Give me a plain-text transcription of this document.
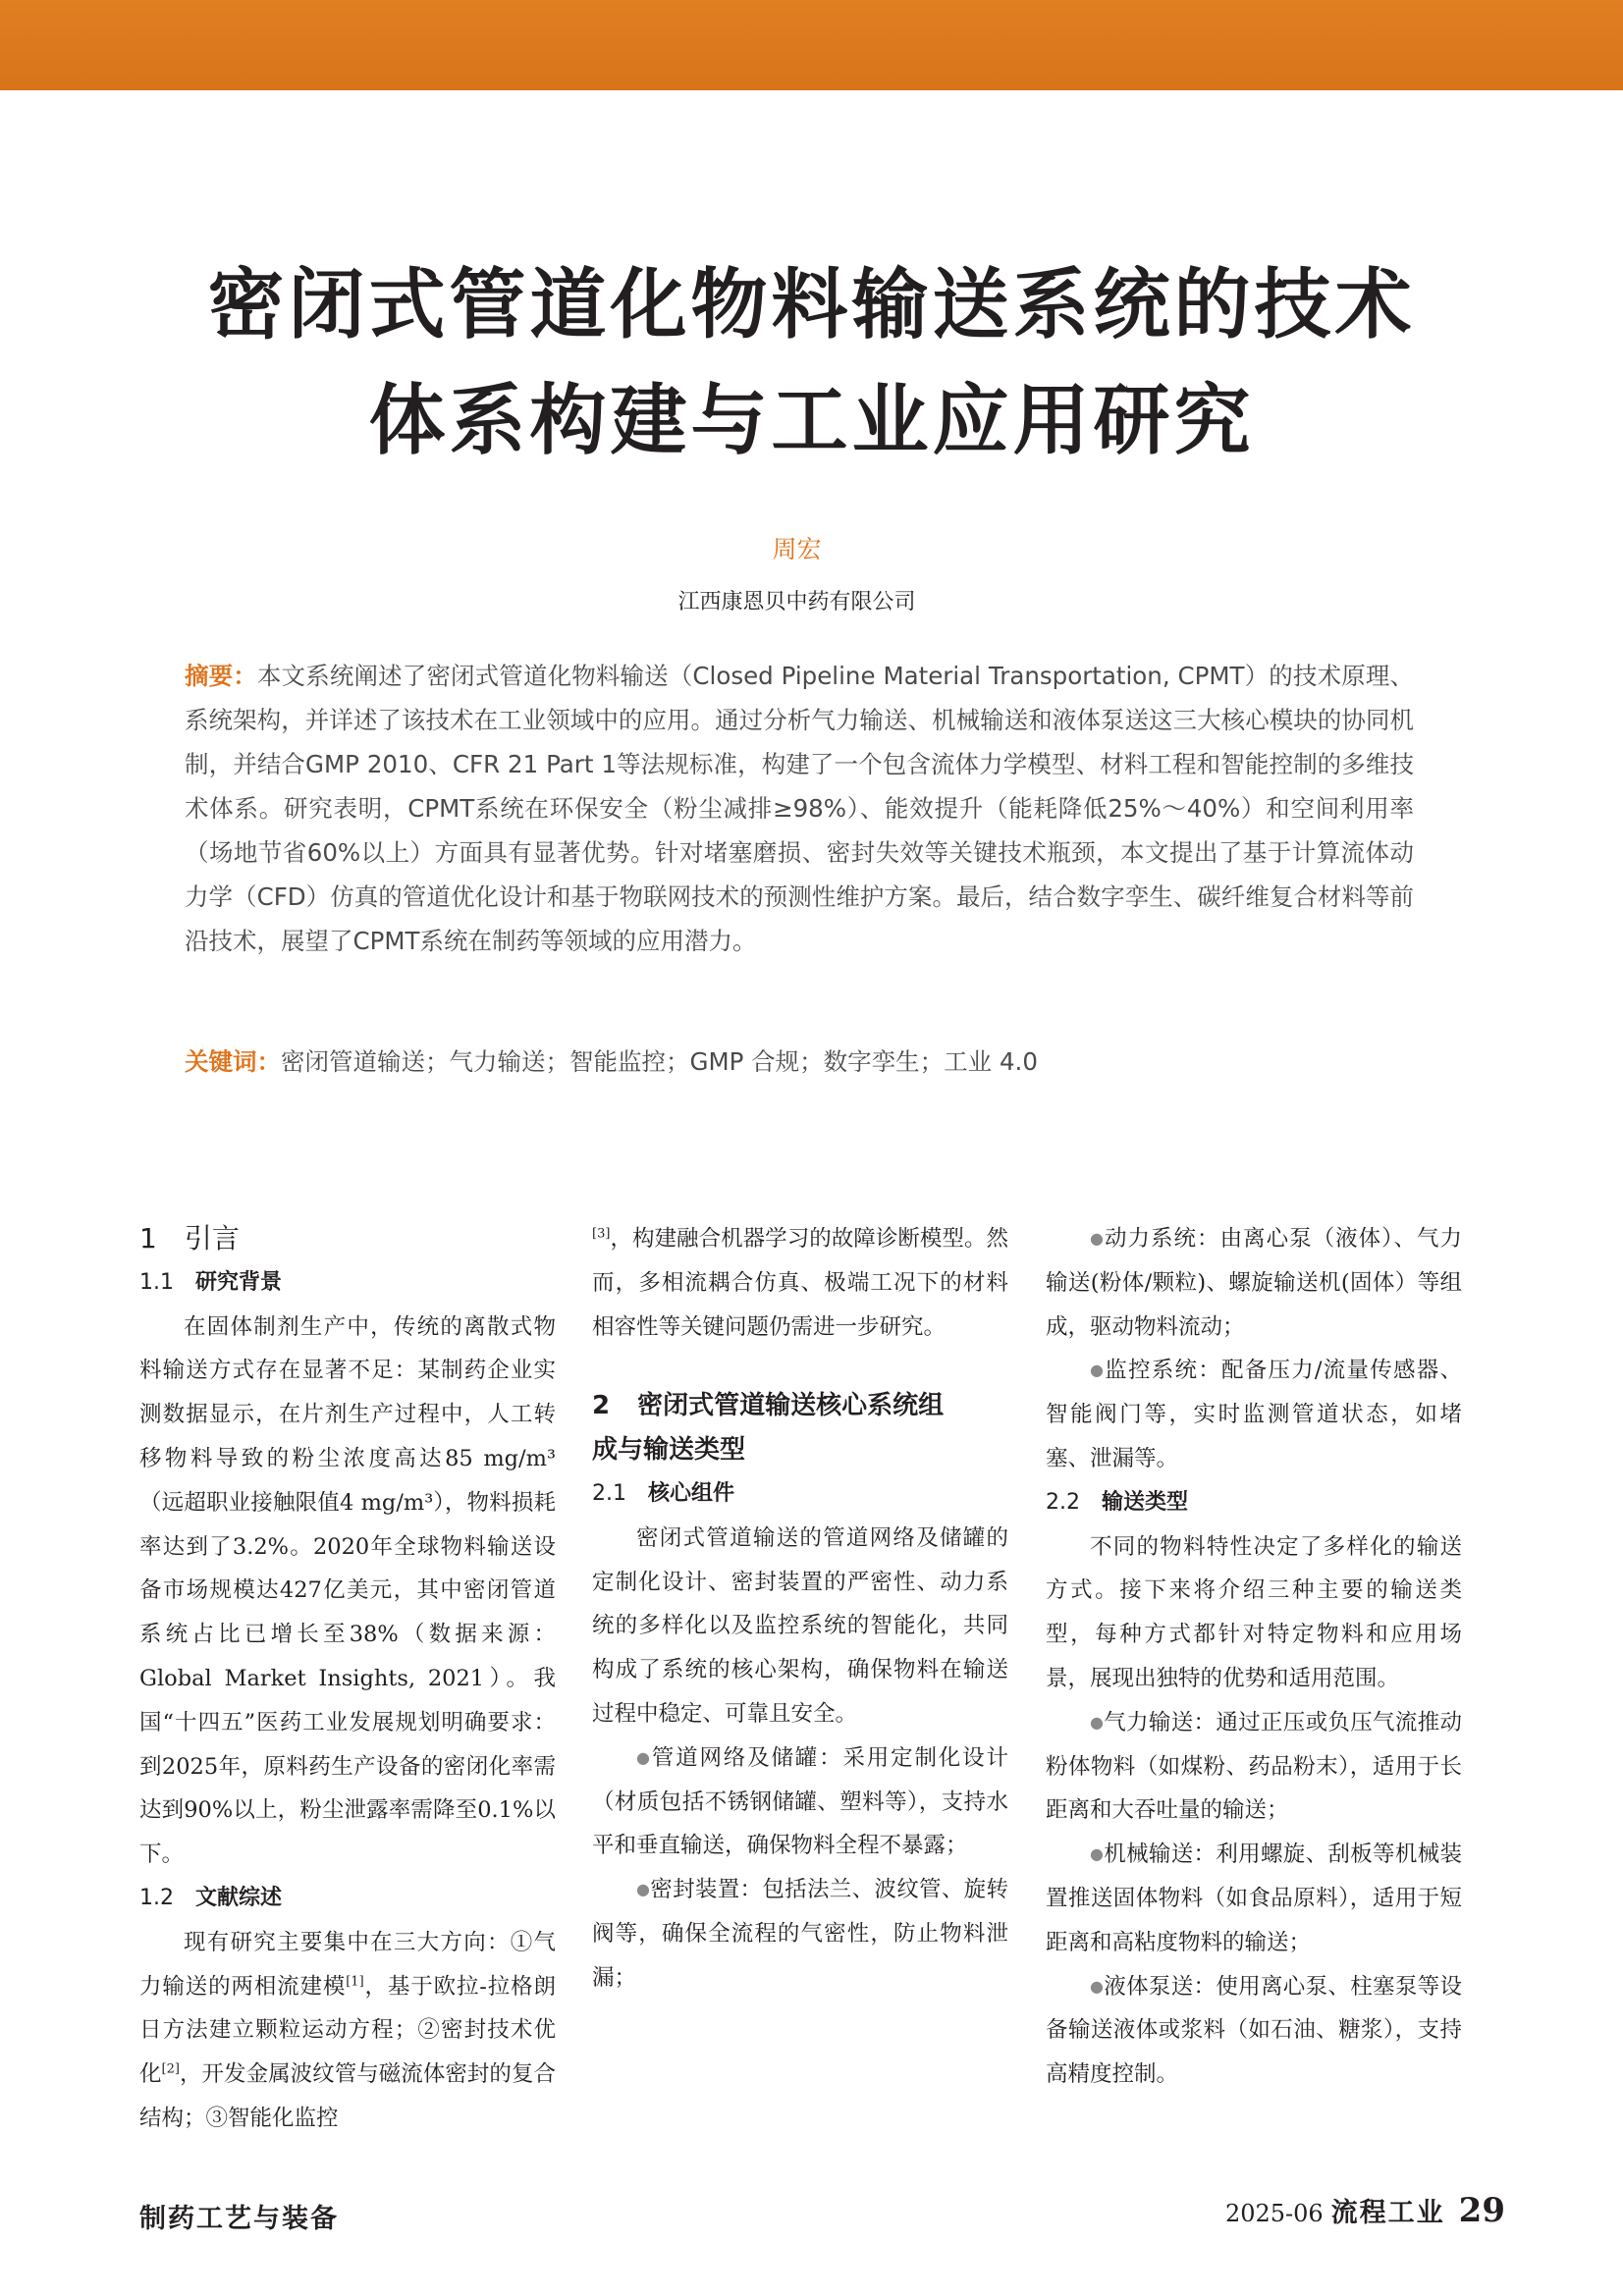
密闭式管道化物料输送系统的技术
体系构建与工业应用研究
周宏
江西康恩贝中药有限公司
摘要：本文系统阐述了密闭式管道化物料输送（Closed Pipeline Material Transportation, CPMT）的技术原理、系统架构，并详述了该技术在工业领域中的应用。通过分析气力输送、机械输送和液体泵送这三大核心模块的协同机制，并结合GMP 2010、CFR 21 Part 1等法规标准，构建了一个包含流体力学模型、材料工程和智能控制的多维技术体系。研究表明，CPMT系统在环保安全（粉尘减排≥98%）、能效提升（能耗降低25%～40%）和空间利用率（场地节省60%以上）方面具有显著优势。针对堵塞磨损、密封失效等关键技术瓶颈，本文提出了基于计算流体动力学（CFD）仿真的管道优化设计和基于物联网技术的预测性维护方案。最后，结合数字孪生、碳纤维复合材料等前沿技术，展望了CPMT系统在制药等领域的应用潜力。
关键词：密闭管道输送；气力输送；智能监控；GMP 合规；数字孪生；工业 4.0
1 引言
1.1 研究背景

在固体制剂生产中，传统的离散式物料输送方式存在显著不足：某制药企业实测数据显示，在片剂生产过程中，人工转移物料导致的粉尘浓度高达85 mg/m³（远超职业接触限值4 mg/m³），物料损耗率达到了3.2%。2020年全球物料输送设备市场规模达427亿美元，其中密闭管道系统占比已增长至38%（数据来源：Global Market Insights, 2021）。我国“十四五”医药工业发展规划明确要求：到2025年，原料药生产设备的密闭化率需达到90%以上，粉尘泄露率需降至0.1%以下。

1.2 文献综述

现有研究主要集中在三大方向：①气力输送的两相流建模[1]，基于欧拉-拉格朗日方法建立颗粒运动方程；②密封技术优化[2]，开发金属波纹管与磁流体密封的复合结构；③智能化监控

[3]，构建融合机器学习的故障诊断模型。然而，多相流耦合仿真、极端工况下的材料相容性等关键问题仍需进一步研究。

2 密闭式管道输送核心系统组
成与输送类型
2.1 核心组件

密闭式管道输送的管道网络及储罐的定制化设计、密封装置的严密性、动力系统的多样化以及监控系统的智能化，共同构成了系统的核心架构，确保物料在输送过程中稳定、可靠且安全。

●管道网络及储罐：采用定制化设计（材质包括不锈钢储罐、塑料等），支持水平和垂直输送，确保物料全程不暴露；

●密封装置：包括法兰、波纹管、旋转阀等，确保全流程的气密性，防止物料泄漏；

●动力系统：由离心泵（液体）、气力输送(粉体/颗粒)、螺旋输送机(固体）等组成，驱动物料流动；

●监控系统：配备压力/流量传感器、智能阀门等，实时监测管道状态，如堵塞、泄漏等。

2.2 输送类型

不同的物料特性决定了多样化的输送方式。接下来将介绍三种主要的输送类型，每种方式都针对特定物料和应用场景，展现出独特的优势和适用范围。

●气力输送：通过正压或负压气流推动粉体物料（如煤粉、药品粉末），适用于长距离和大吞吐量的输送；

●机械输送：利用螺旋、刮板等机械装置推送固体物料（如食品原料），适用于短距离和高粘度物料的输送；

●液体泵送：使用离心泵、柱塞泵等设备输送液体或浆料（如石油、糖浆），支持高精度控制。

制药工艺与装备	2025-06 流程工业 29
